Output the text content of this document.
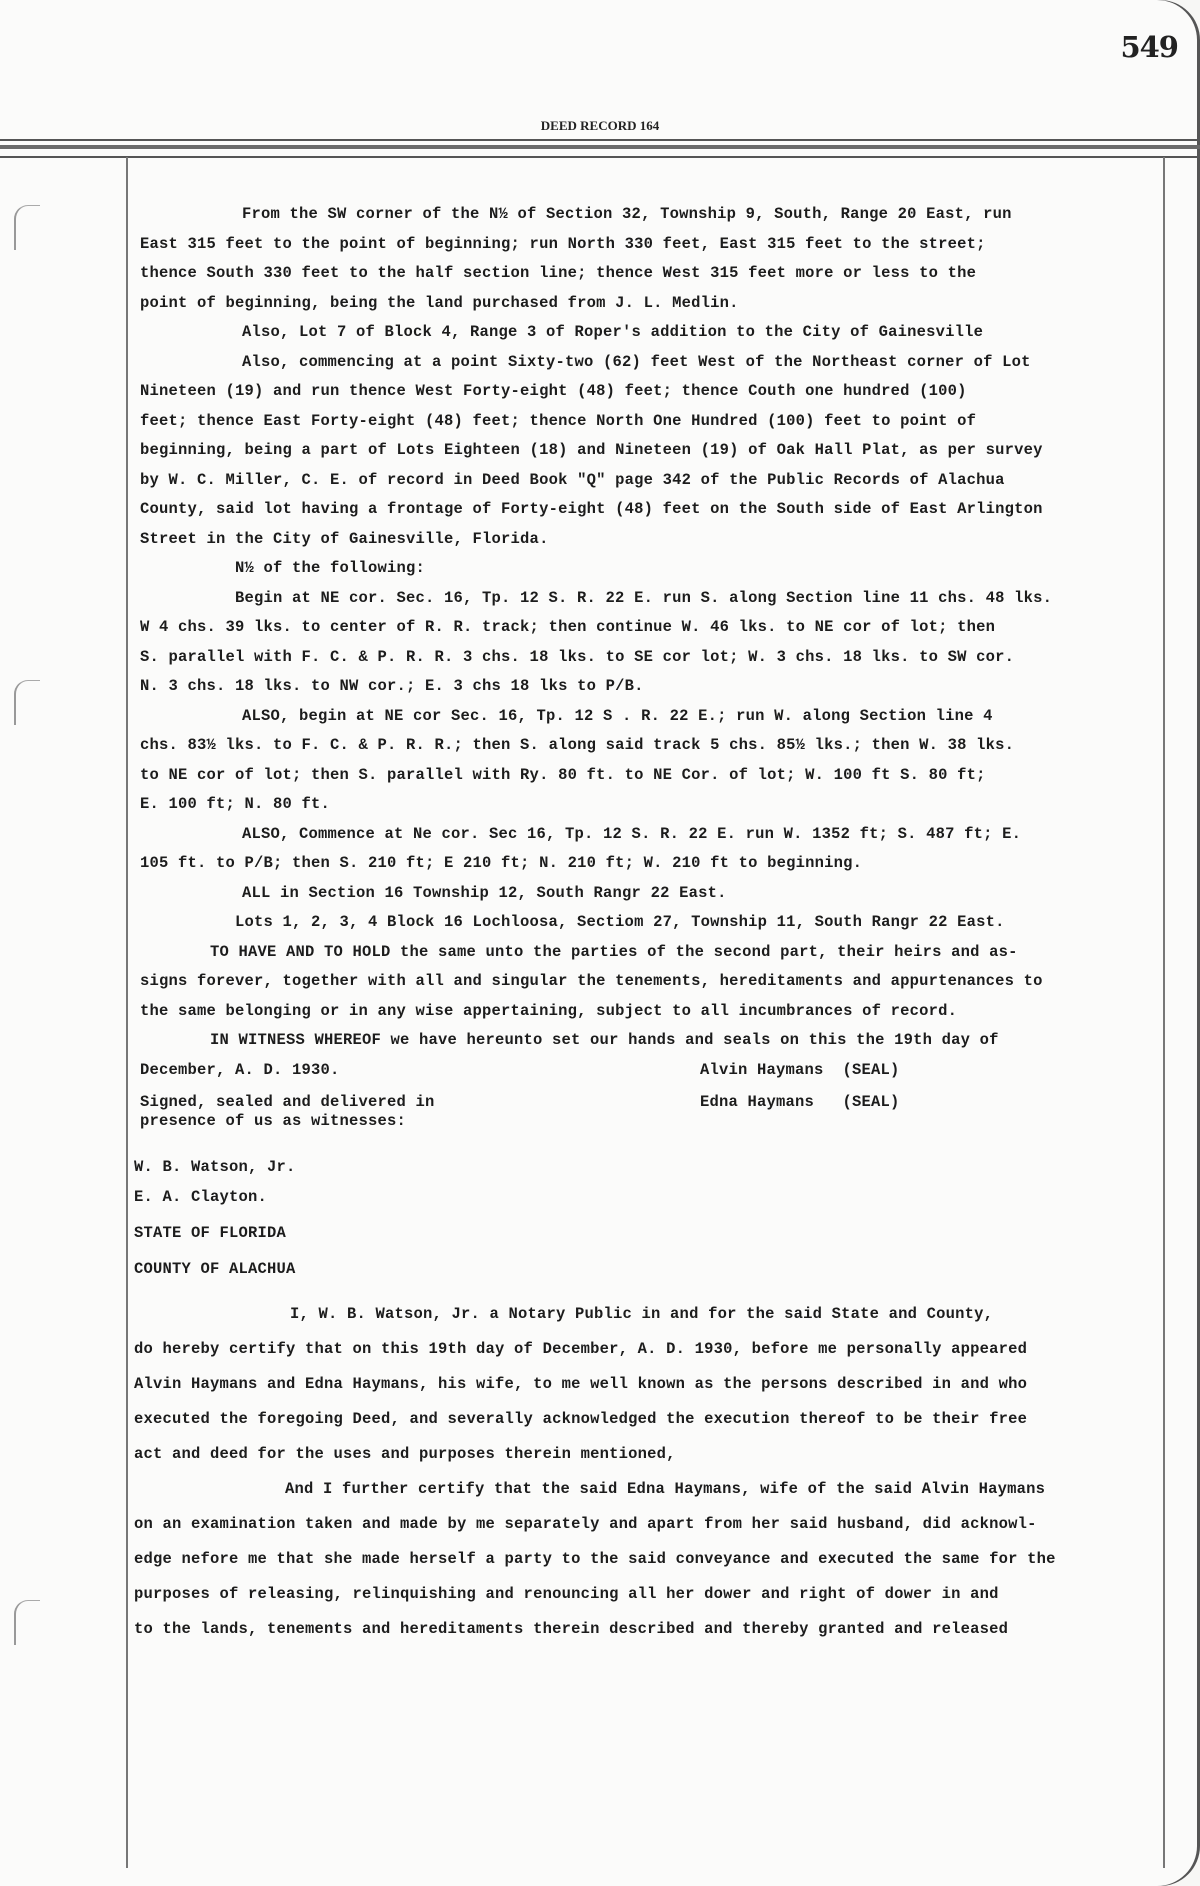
549
DEED RECORD 164
From the SW corner of the N½ of Section 32, Township 9, South, Range 20 East, run
East 315 feet to the point of beginning; run North 330 feet, East 315 feet to the street;
thence South 330 feet to the half section line; thence West 315 feet more or less to the
point of beginning, being the land purchased from J. L. Medlin.
Also, Lot 7 of Block 4, Range 3 of Roper's addition to the City of Gainesville
Also, commencing at a point Sixty-two (62) feet West of the Northeast corner of Lot
Nineteen (19) and run thence West Forty-eight (48) feet; thence Couth one hundred (100)
feet; thence East Forty-eight (48) feet; thence North One Hundred (100) feet to point of
beginning, being a part of Lots Eighteen (18) and Nineteen (19) of Oak Hall Plat, as per survey
by W. C. Miller, C. E. of record in Deed Book "Q" page 342 of the Public Records of Alachua
County, said lot having a frontage of Forty-eight (48) feet on the South side of East Arlington
Street in the City of Gainesville, Florida.
N½ of the following:
Begin at NE cor. Sec. 16, Tp. 12 S. R. 22 E. run S. along Section line 11 chs. 48 lks.
W 4 chs. 39 lks. to center of R. R. track; then continue W. 46 lks. to NE cor of lot; then
S. parallel with F. C. & P. R. R. 3 chs. 18 lks. to SE cor lot; W. 3 chs. 18 lks. to SW cor.
N. 3 chs. 18 lks. to NW cor.; E. 3 chs 18 lks to P/B.
ALSO, begin at NE cor Sec. 16, Tp. 12 S . R. 22 E.; run W. along Section line 4
chs. 83½ lks. to F. C. & P. R. R.; then S. along said track 5 chs. 85½ lks.; then W. 38 lks.
to NE cor of lot; then S. parallel with Ry. 80 ft. to NE Cor. of lot; W. 100 ft S. 80 ft;
E. 100 ft; N. 80 ft.
ALSO, Commence at Ne cor. Sec 16, Tp. 12 S. R. 22 E. run W. 1352 ft; S. 487 ft; E.
105 ft. to P/B; then S. 210 ft; E 210 ft; N. 210 ft; W. 210 ft to beginning.
ALL in Section 16 Township 12, South Rangr 22 East.
Lots 1, 2, 3, 4 Block 16 Lochloosa, Sectiom 27, Township 11, South Rangr 22 East.
TO HAVE AND TO HOLD the same unto the parties of the second part, their heirs and as-
signs forever, together with all and singular the tenements, hereditaments and appurtenances to
the same belonging or in any wise appertaining, subject to all incumbrances of record.
IN WITNESS WHEREOF we have hereunto set our hands and seals on this the 19th day of
December, A. D. 1930.	Alvin Haymans (SEAL)
Signed, sealed and delivered in
presence of us as witnesses:
Edna Haymans (SEAL)
W. B. Watson, Jr.
E. A. Clayton.
STATE OF FLORIDA
COUNTY OF ALACHUA
I, W. B. Watson, Jr. a Notary Public in and for the said State and County,
do hereby certify that on this 19th day of December, A. D. 1930, before me personally appeared
Alvin Haymans and Edna Haymans, his wife, to me well known as the persons described in and who
executed the foregoing Deed, and severally acknowledged the execution thereof to be their free
act and deed for the uses and purposes therein mentioned,
And I further certify that the said Edna Haymans, wife of the said Alvin Haymans
on an examination taken and made by me separately and apart from her said husband, did acknowl-
edge nefore me that she made herself a party to the said conveyance and executed the same for the
purposes of releasing, relinquishing and renouncing all her dower and right of dower in and
to the lands, tenements and hereditaments therein described and thereby granted and released
